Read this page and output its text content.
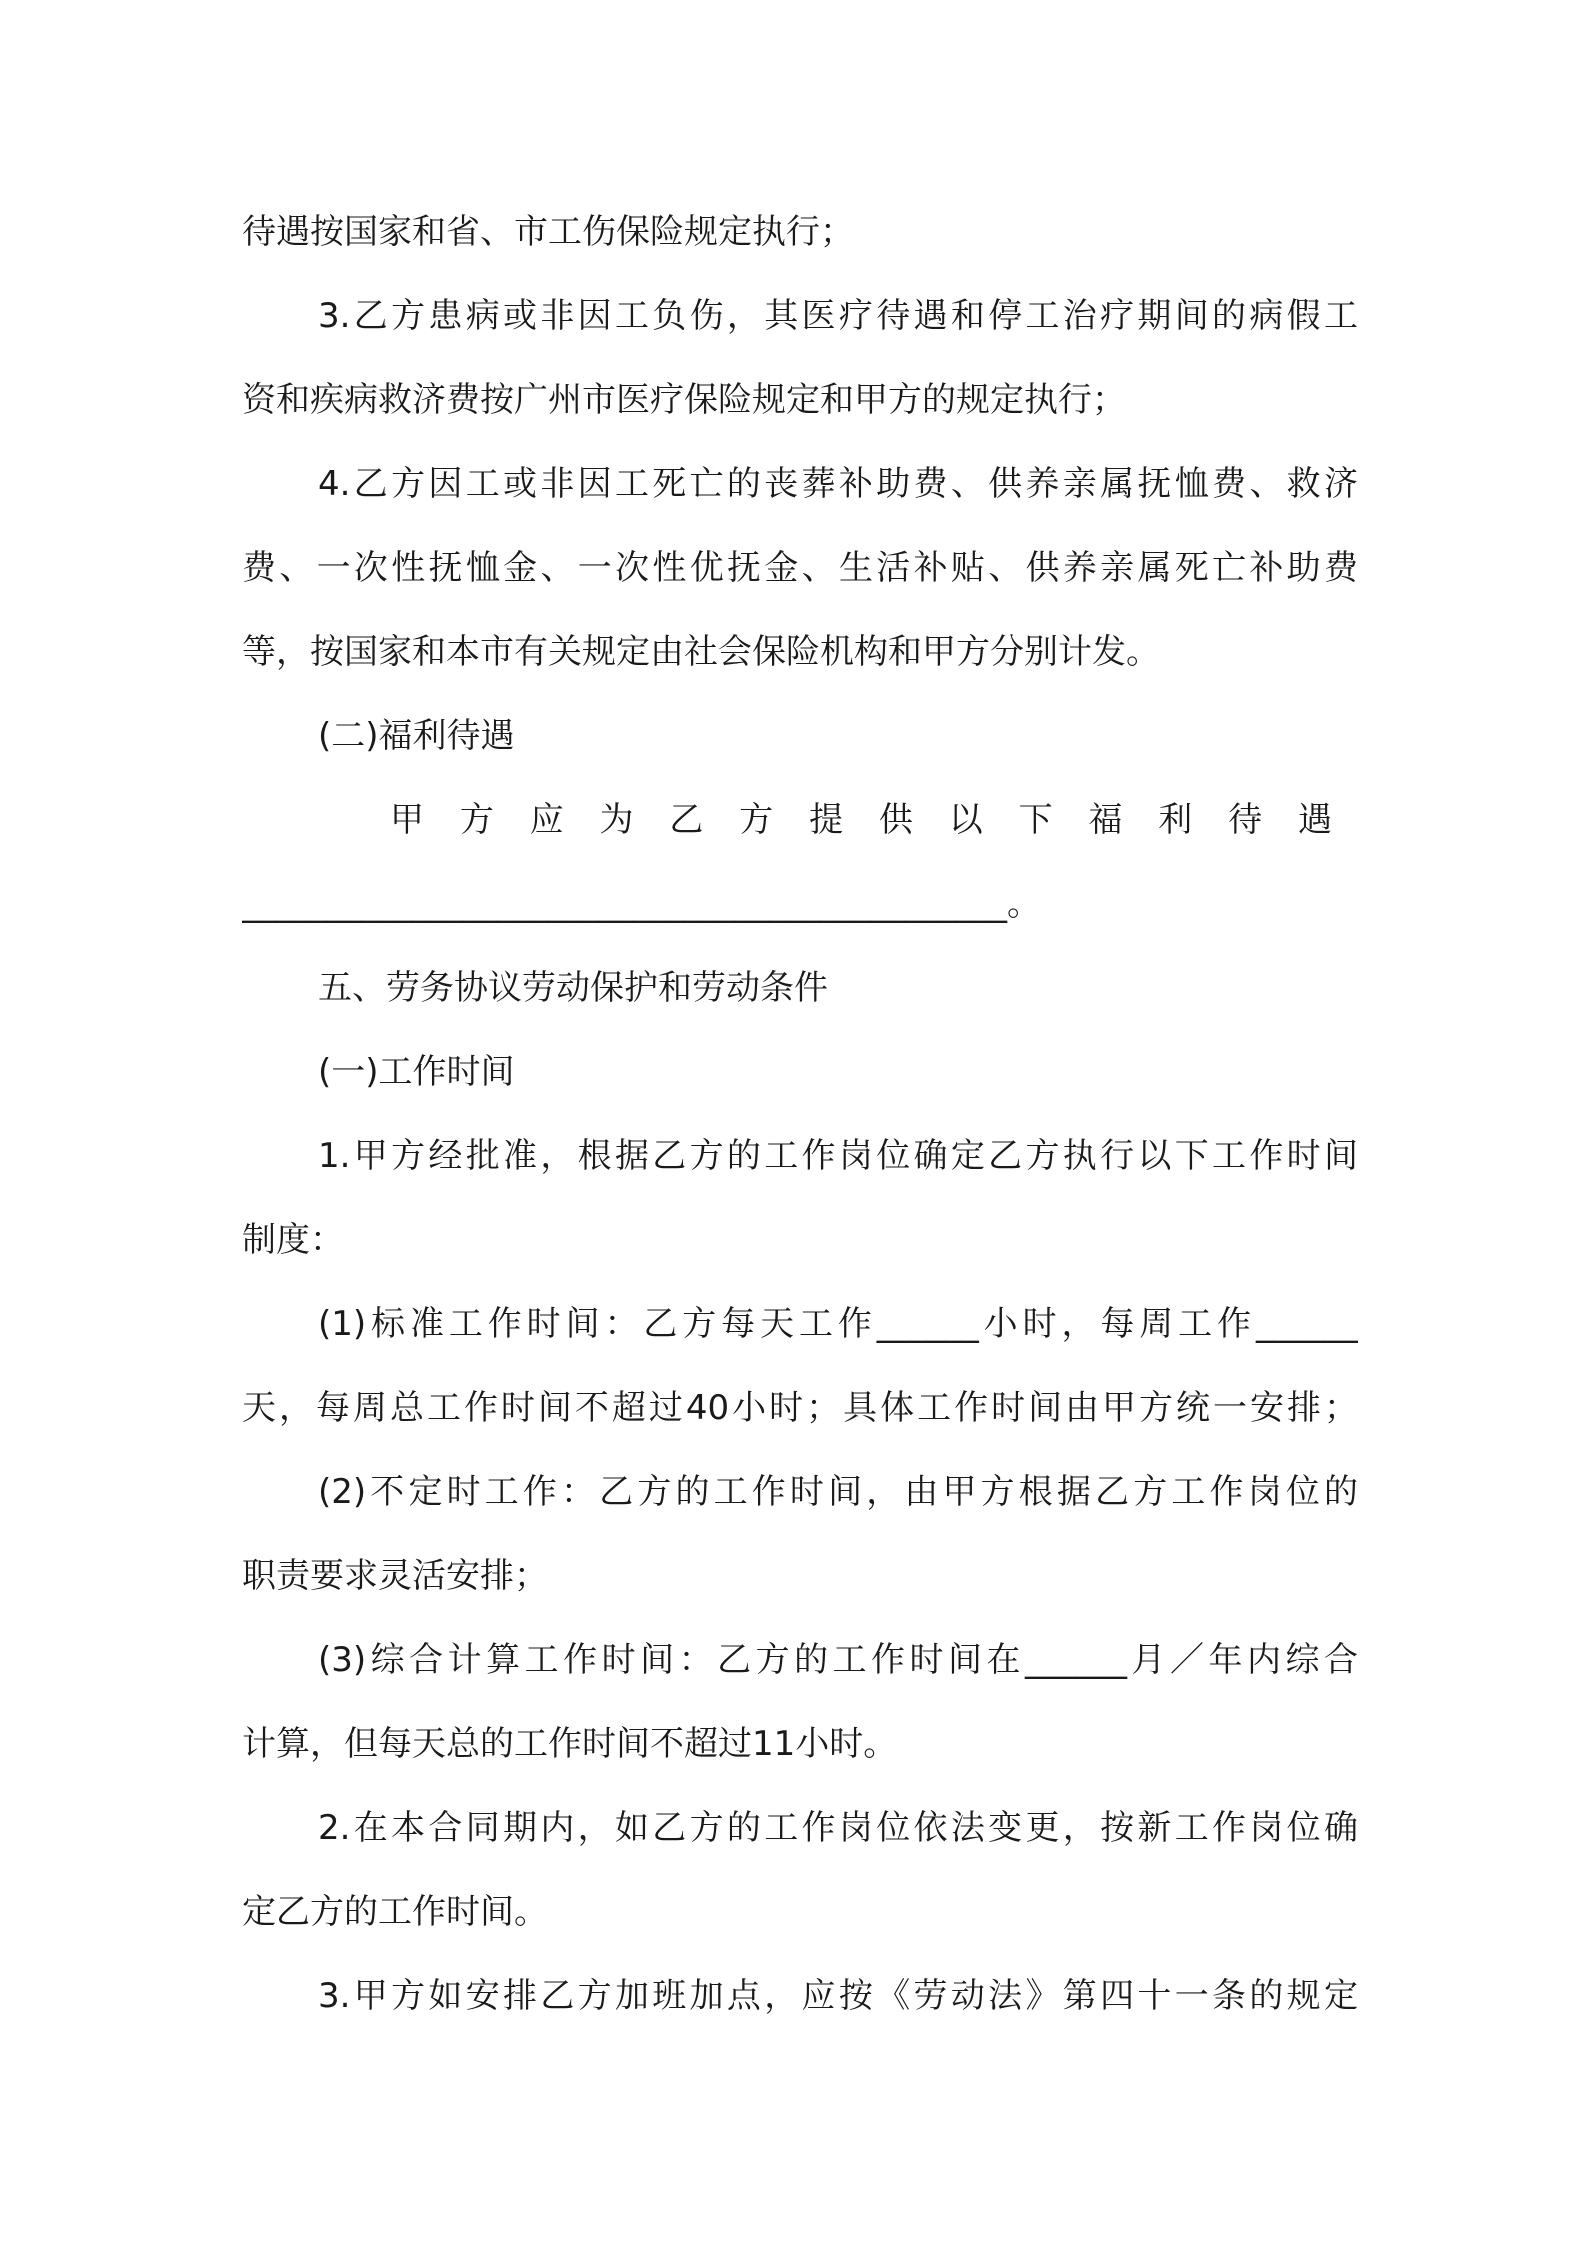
待遇按国家和省、市工伤保险规定执行；
3.乙方患病或非因工负伤，其医疗待遇和停工治疗期间的病假工
资和疾病救济费按广州市医疗保险规定和甲方的规定执行；
4.乙方因工或非因工死亡的丧葬补助费、供养亲属抚恤费、救济
费、一次性抚恤金、一次性优抚金、生活补贴、供养亲属死亡补助费
等，按国家和本市有关规定由社会保险机构和甲方分别计发。
(二)福利待遇
甲方应为乙方提供以下福利待遇
_____________________________________________。
五、劳务协议劳动保护和劳动条件
(一)工作时间
1.甲方经批准，根据乙方的工作岗位确定乙方执行以下工作时间
制度：
(1)标准工作时间：乙方每天工作______小时，每周工作______
天，每周总工作时间不超过40小时；具体工作时间由甲方统一安排；
(2)不定时工作：乙方的工作时间，由甲方根据乙方工作岗位的
职责要求灵活安排；
(3)综合计算工作时间：乙方的工作时间在______月／年内综合
计算，但每天总的工作时间不超过11小时。
2.在本合同期内，如乙方的工作岗位依法变更，按新工作岗位确
定乙方的工作时间。
3.甲方如安排乙方加班加点，应按《劳动法》第四十一条的规定
